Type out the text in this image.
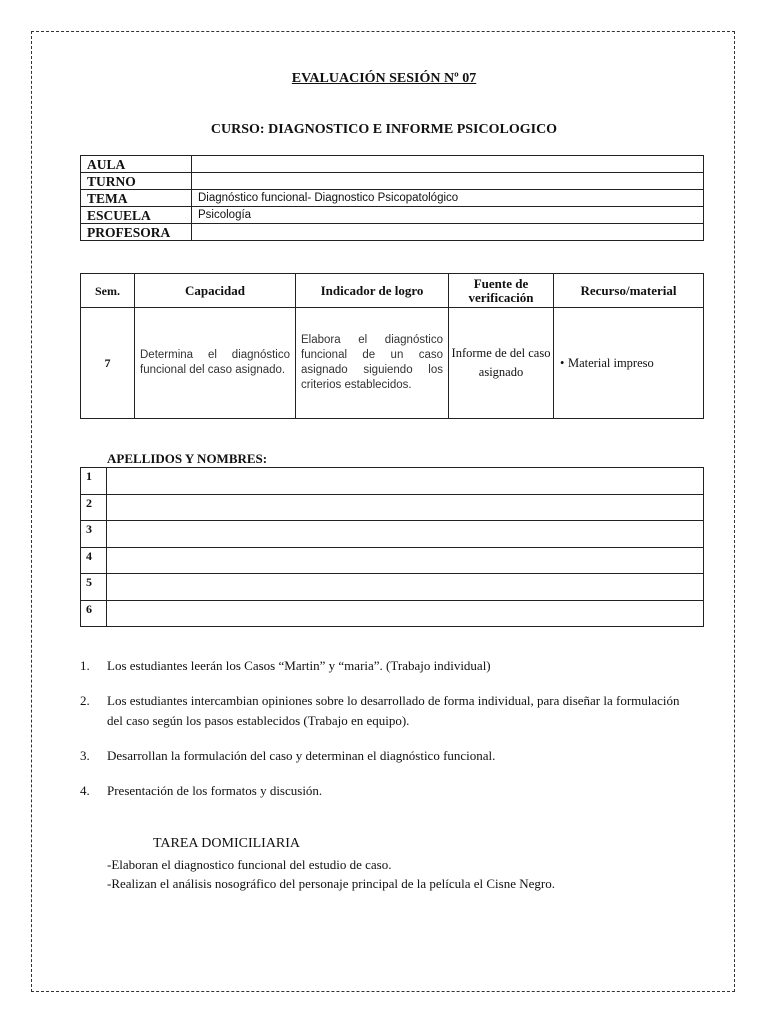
EVALUACIÓN SESIÓN Nº 07
CURSO: DIAGNOSTICO E INFORME PSICOLOGICO
AULA	
TURNO	
TEMA	Diagnóstico funcional- Diagnostico Psicopatológico
ESCUELA	Psicología
PROFESORA	
Sem.	Capacidad	Indicador de logro	Fuente de verificación	Recurso/material
7	Determina el diagnóstico funcional del caso asignado.	Elabora el diagnóstico funcional de un caso asignado siguiendo los criterios establecidos.	Informe de del caso asignado	• Material impreso
APELLIDOS Y NOMBRES:
1	
2	
3	
4	
5	
6	
1. Los estudiantes leerán los Casos “Martin” y “maria”. (Trabajo individual)
2. Los estudiantes intercambian opiniones sobre lo desarrollado de forma individual, para diseñar la formulación del caso según los pasos establecidos (Trabajo en equipo).
3. Desarrollan la formulación del caso y determinan el diagnóstico funcional.
4. Presentación de los formatos y discusión.
TAREA DOMICILIARIA
-Elaboran el diagnostico funcional del estudio de caso.
-Realizan el análisis nosográfico del personaje principal de la película el Cisne Negro.
